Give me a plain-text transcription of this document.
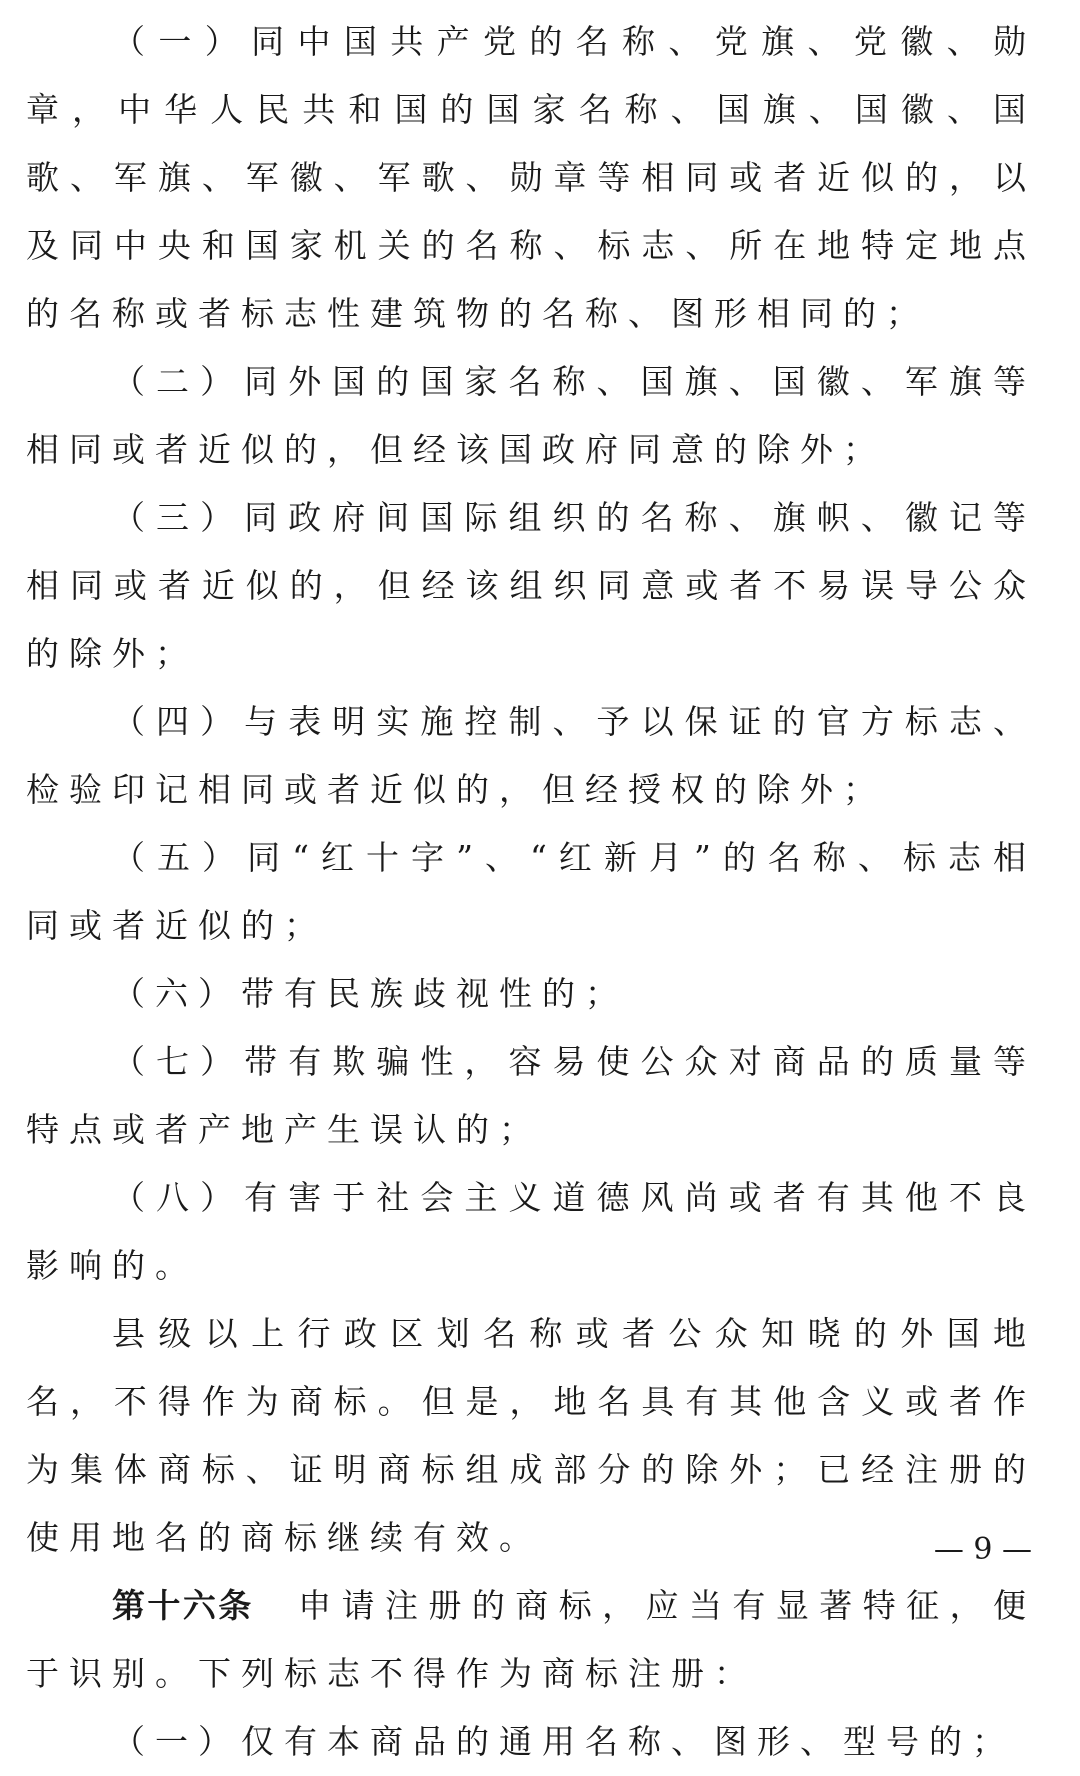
（一）同中国共产党的名称、党旗、党徽、勋章，中华人民共和国的国家名称、国旗、国徽、国歌、军旗、军徽、军歌、勋章等相同或者近似的，以及同中央和国家机关的名称、标志、所在地特定地点的名称或者标志性建筑物的名称、图形相同的；

（二）同外国的国家名称、国旗、国徽、军旗等相同或者近似的，但经该国政府同意的除外；

（三）同政府间国际组织的名称、旗帜、徽记等相同或者近似的，但经该组织同意或者不易误导公众的除外；

（四）与表明实施控制、予以保证的官方标志、检验印记相同或者近似的，但经授权的除外；

（五）同“红十字”、“红新月”的名称、标志相同或者近似的；

（六）带有民族歧视性的；

（七）带有欺骗性，容易使公众对商品的质量等特点或者产地产生误认的；

（八）有害于社会主义道德风尚或者有其他不良影响的。

县级以上行政区划名称或者公众知晓的外国地名，不得作为商标。但是，地名具有其他含义或者作为集体商标、证明商标组成部分的除外；已经注册的使用地名的商标继续有效。

第十六条 申请注册的商标，应当有显著特征，便于识别。下列标志不得作为商标注册：

（一）仅有本商品的通用名称、图形、型号的；

— 9 —
